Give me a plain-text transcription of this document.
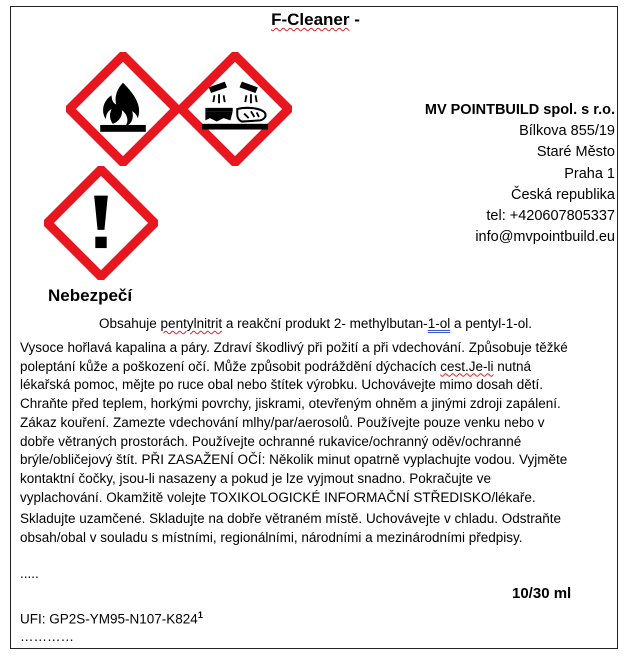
F-Cleaner -
MV POINTBUILD spol. s r.o.
Bílkova 855/19
Staré Město
Praha 1
Česká republika
tel: +420607805337
info@mvpointbuild.eu
Nebezpečí
Obsahuje pentylnitrit a reakční produkt 2- methylbutan-1-ol a pentyl-1-ol.

Vysoce hořlavá kapalina a páry. Zdraví škodlivý při požití a při vdechování. Způsobuje těžké
poleptání kůže a poškození očí. Může způsobit podráždění dýchacích cest.Je-li nutná
lékařská pomoc, mějte po ruce obal nebo štítek výrobku. Uchovávejte mimo dosah dětí.
Chraňte před teplem, horkými povrchy, jiskrami, otevřeným ohněm a jinými zdroji zapálení.
Zákaz kouření. Zamezte vdechování mlhy/par/aerosolů. Používejte pouze venku nebo v
dobře větraných prostorách. Používejte ochranné rukavice/ochranný oděv/ochranné
brýle/obličejový štít. PŘI ZASAŽENÍ OČÍ: Několik minut opatrně vyplachujte vodou. Vyjměte
kontaktní čočky, jsou-li nasazeny a pokud je lze vyjmout snadno. Pokračujte ve
vyplachování. Okamžitě volejte TOXIKOLOGICKÉ INFORMAČNÍ STŘEDISKO/lékaře.

Skladujte uzamčené. Skladujte na dobře větraném místě. Uchovávejte v chladu. Odstraňte
obsah/obal v souladu s místními, regionálními, národními a mezinárodními předpisy.

.....
10/30 ml
UFI: $GP2S-YM95-N107-K824^1$
…………
